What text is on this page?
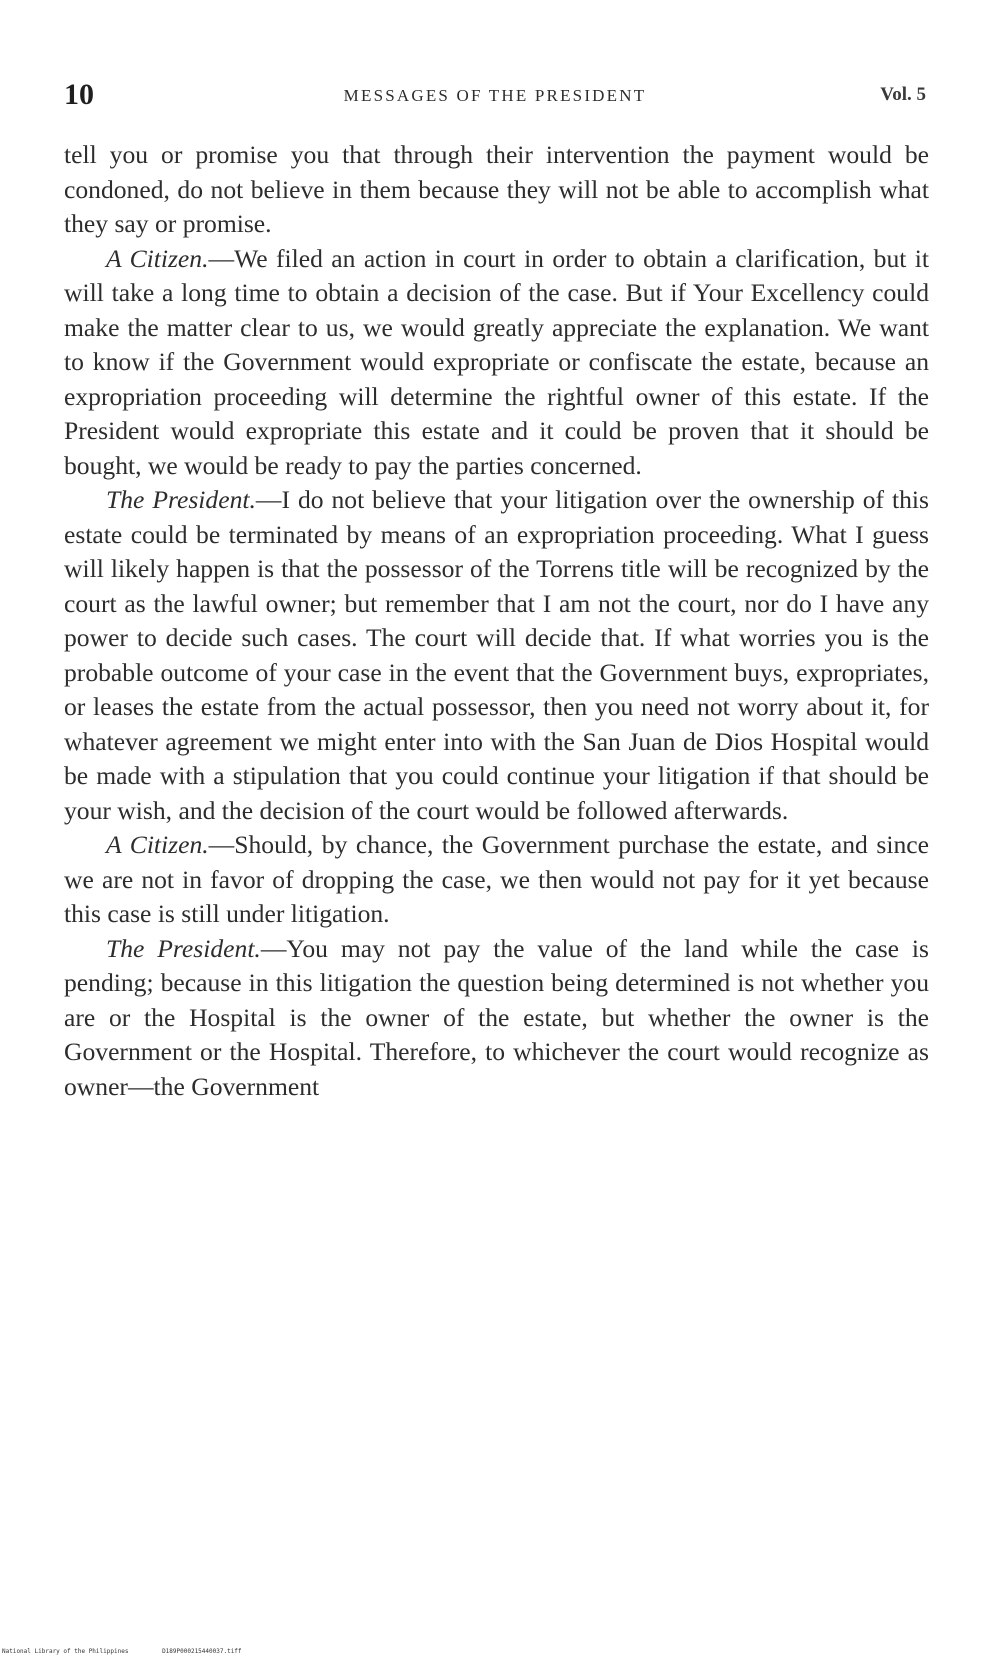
10	MESSAGES OF THE PRESIDENT	Vol. 5

tell you or promise you that through their intervention the payment would be condoned, do not believe in them because they will not be able to accomplish what they say or promise.

A Citizen.—We filed an action in court in order to obtain a clarification, but it will take a long time to obtain a decision of the case. But if Your Excellency could make the matter clear to us, we would greatly appreciate the explanation. We want to know if the Government would expropriate or confiscate the estate, because an expropriation proceeding will determine the rightful owner of this estate. If the President would expropriate this estate and it could be proven that it should be bought, we would be ready to pay the parties concerned.

The President.—I do not believe that your litigation over the ownership of this estate could be terminated by means of an expropriation proceeding. What I guess will likely happen is that the possessor of the Torrens title will be recognized by the court as the lawful owner; but remember that I am not the court, nor do I have any power to decide such cases. The court will decide that. If what worries you is the probable outcome of your case in the event that the Government buys, expropriates, or leases the estate from the actual possessor, then you need not worry about it, for whatever agreement we might enter into with the San Juan de Dios Hospital would be made with a stipulation that you could continue your litigation if that should be your wish, and the decision of the court would be followed afterwards.

A Citizen.—Should, by chance, the Government purchase the estate, and since we are not in favor of dropping the case, we then would not pay for it yet because this case is still under litigation.

The President.—You may not pay the value of the land while the case is pending; because in this litigation the question being determined is not whether you are or the Hospital is the owner of the estate, but whether the owner is the Government or the Hospital. Therefore, to whichever the court would recognize as owner—the Government

National Library of the Philippines	D189P000215440037.tiff
